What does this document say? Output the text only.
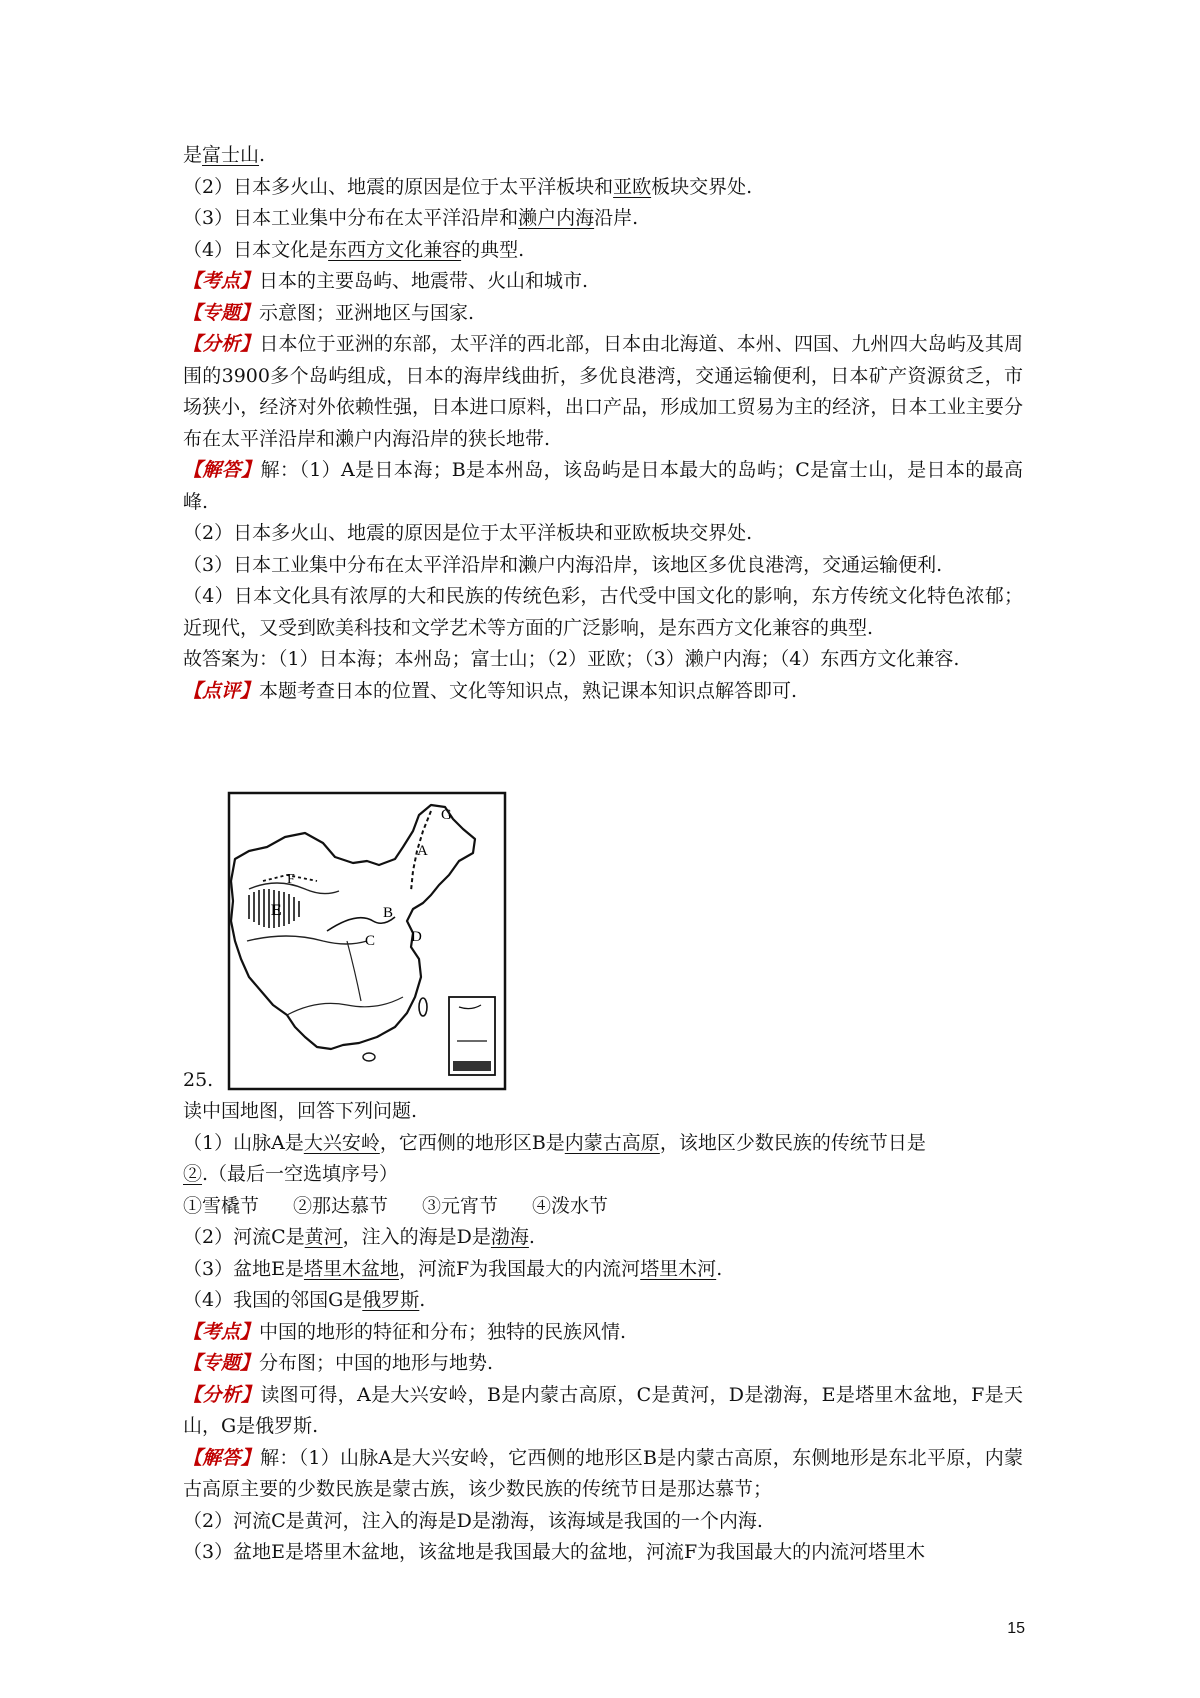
是富士山.
（2）日本多火山、地震的原因是位于太平洋板块和亚欧板块交界处.
（3）日本工业集中分布在太平洋沿岸和濑户内海沿岸.
（4）日本文化是东西方文化兼容的典型.
【考点】日本的主要岛屿、地震带、火山和城市.
【专题】示意图；亚洲地区与国家.
【分析】日本位于亚洲的东部，太平洋的西北部，日本由北海道、本州、四国、九州四大岛屿及其周围的3900多个岛屿组成，日本的海岸线曲折，多优良港湾，交通运输便利，日本矿产资源贫乏，市场狭小，经济对外依赖性强，日本进口原料，出口产品，形成加工贸易为主的经济，日本工业主要分布在太平洋沿岸和濑户内海沿岸的狭长地带.
【解答】解：（1）A是日本海；B是本州岛，该岛屿是日本最大的岛屿；C是富士山，是日本的最高峰.
（2）日本多火山、地震的原因是位于太平洋板块和亚欧板块交界处.
（3）日本工业集中分布在太平洋沿岸和濑户内海沿岸，该地区多优良港湾，交通运输便利.
（4）日本文化具有浓厚的大和民族的传统色彩，古代受中国文化的影响，东方传统文化特色浓郁；近现代，又受到欧美科技和文学艺术等方面的广泛影响，是东西方文化兼容的典型.
故答案为：（1）日本海；本州岛；富士山；（2）亚欧；（3）濑户内海；（4）东西方文化兼容.
【点评】本题考查日本的位置、文化等知识点，熟记课本知识点解答即可.
25.
G
A
B
C D
E
F
读中国地图，回答下列问题.
（1）山脉A是大兴安岭，它西侧的地形区B是内蒙古高原，该地区少数民族的传统节日是
②.（最后一空选填序号）
①雪橇节 ②那达慕节 ③元宵节 ④泼水节
（2）河流C是黄河，注入的海是D是渤海.
（3）盆地E是塔里木盆地，河流F为我国最大的内流河塔里木河.
（4）我国的邻国G是俄罗斯.
【考点】中国的地形的特征和分布；独特的民族风情.
【专题】分布图；中国的地形与地势.
【分析】读图可得，A是大兴安岭，B是内蒙古高原，C是黄河，D是渤海，E是塔里木盆地，F是天山，G是俄罗斯.
【解答】解：（1）山脉A是大兴安岭，它西侧的地形区B是内蒙古高原，东侧地形是东北平原，内蒙古高原主要的少数民族是蒙古族，该少数民族的传统节日是那达慕节；
（2）河流C是黄河，注入的海是D是渤海，该海域是我国的一个内海.
（3）盆地E是塔里木盆地，该盆地是我国最大的盆地，河流F为我国最大的内流河塔里木
15
